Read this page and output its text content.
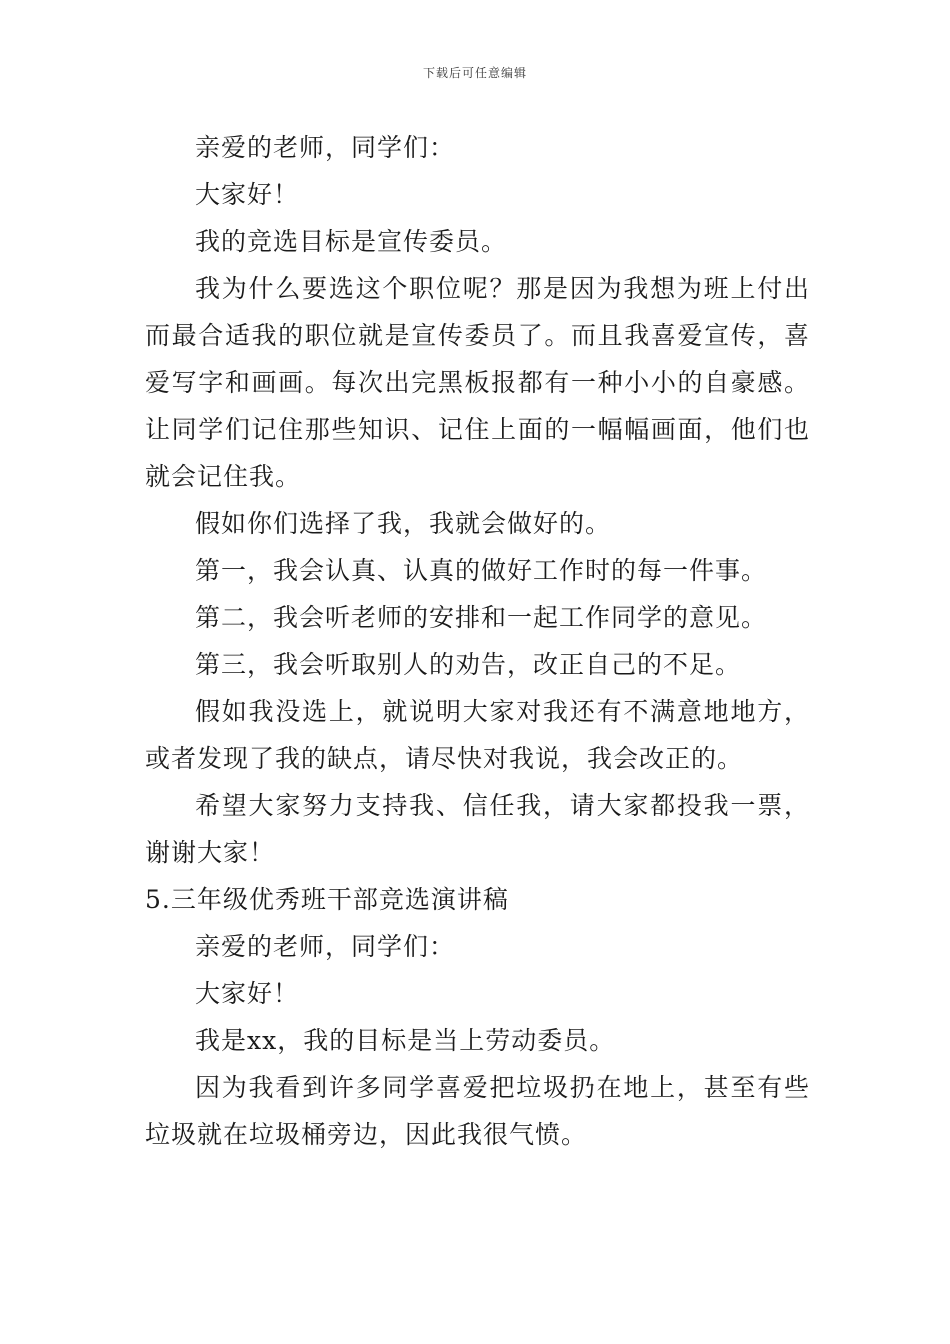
下载后可任意编辑

亲爱的老师，同学们：

大家好！

我的竞选目标是宣传委员。

我为什么要选这个职位呢？那是因为我想为班上付出而最合适我的职位就是宣传委员了。而且我喜爱宣传，喜爱写字和画画。每次出完黑板报都有一种小小的自豪感。让同学们记住那些知识、记住上面的一幅幅画面，他们也就会记住我。

假如你们选择了我，我就会做好的。

第一，我会认真、认真的做好工作时的每一件事。

第二，我会听老师的安排和一起工作同学的意见。

第三，我会听取别人的劝告，改正自己的不足。

假如我没选上，就说明大家对我还有不满意地地方，或者发现了我的缺点，请尽快对我说，我会改正的。

希望大家努力支持我、信任我，请大家都投我一票，谢谢大家！

5.三年级优秀班干部竞选演讲稿

亲爱的老师，同学们：

大家好！

我是xx，我的目标是当上劳动委员。

因为我看到许多同学喜爱把垃圾扔在地上，甚至有些垃圾就在垃圾桶旁边，因此我很气愤。
